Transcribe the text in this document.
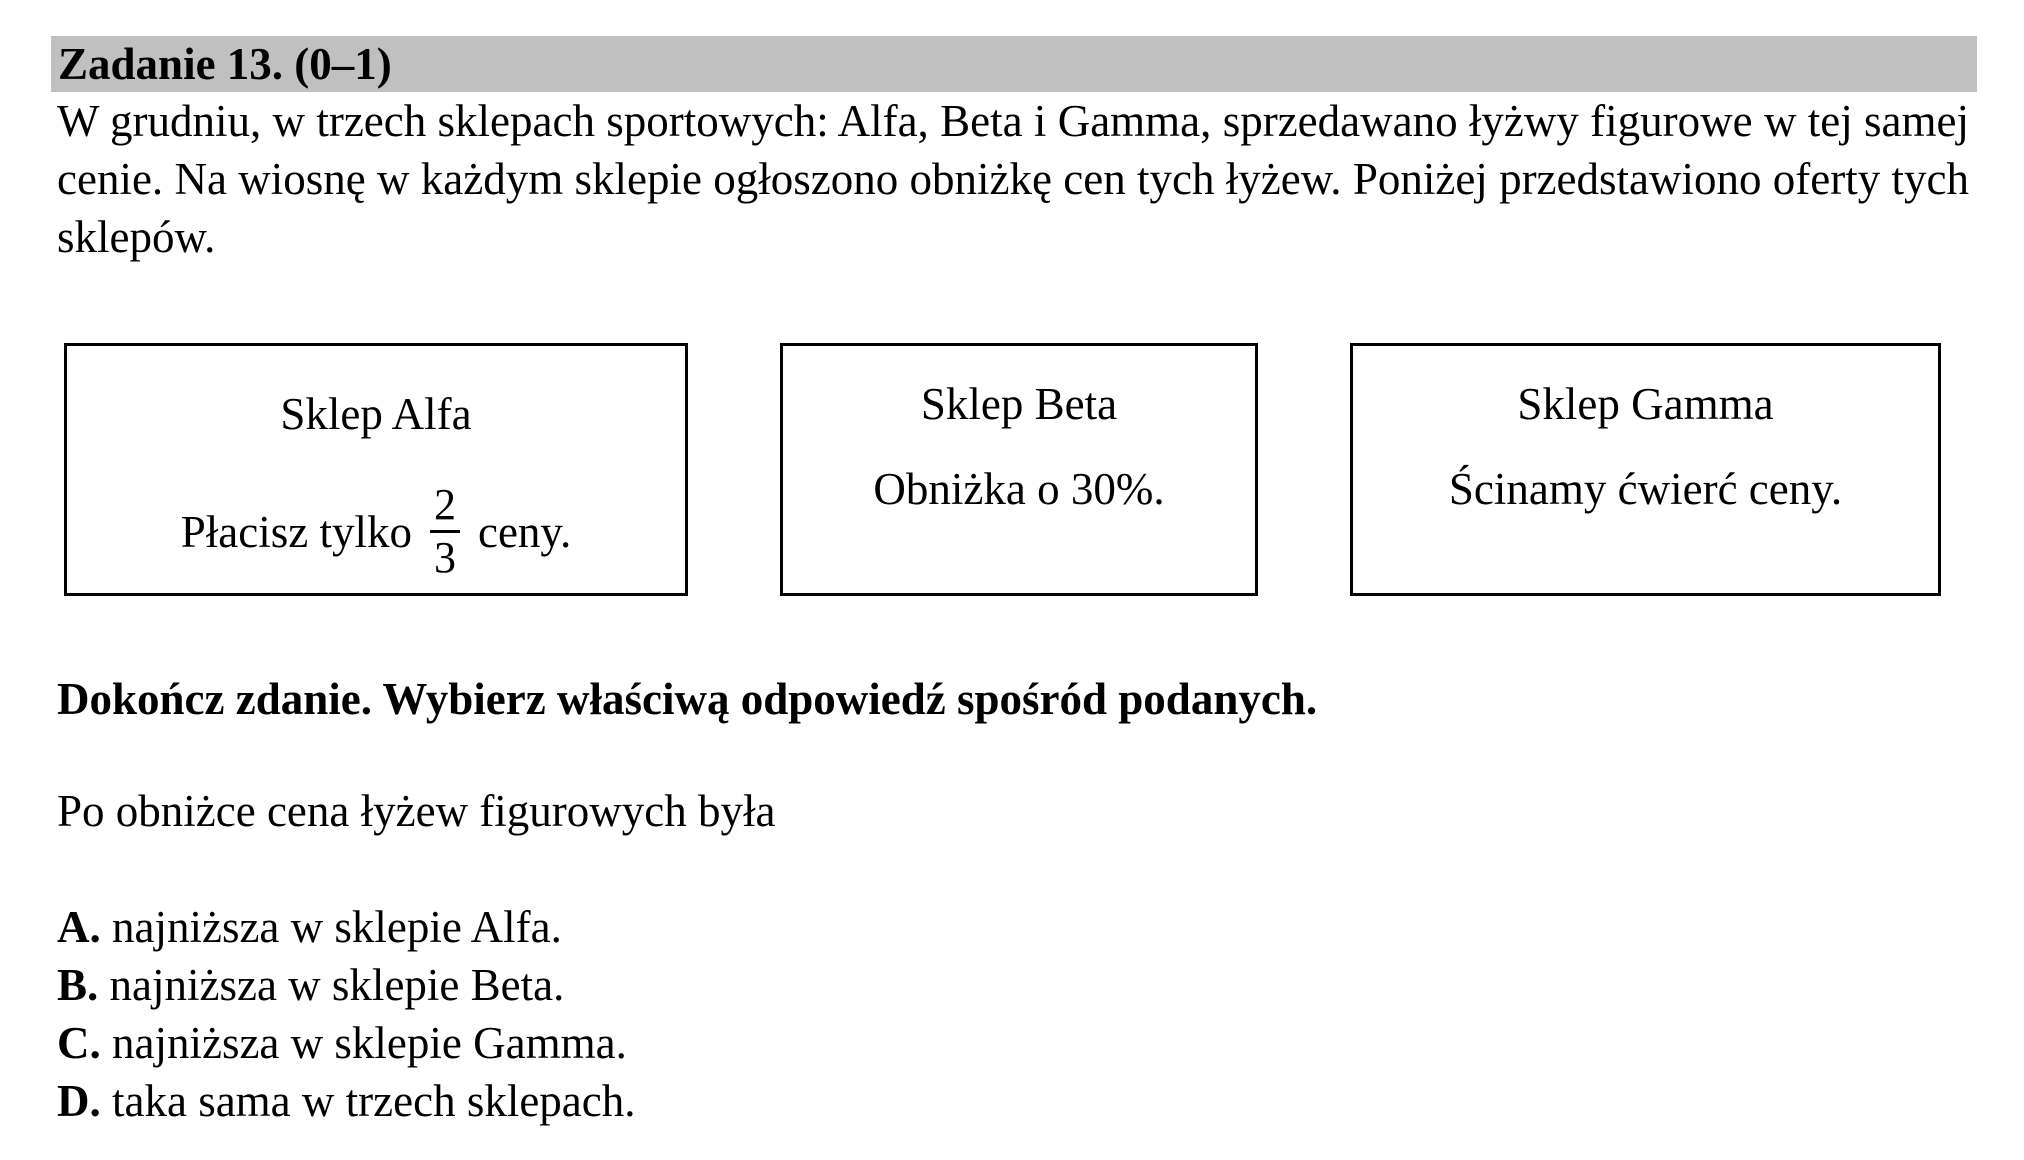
Zadanie 13. (0–1)
W grudniu, w trzech sklepach sportowych: Alfa, Beta i Gamma, sprzedawano łyżwy figurowe w tej samej cenie. Na wiosnę w każdym sklepie ogłoszono obniżkę cen tych łyżew. Poniżej przedstawiono oferty tych sklepów.
Sklep Alfa
Płacisz tylko $\frac{2}{3}$ ceny.
Sklep Beta
Obniżka o 30%.
Sklep Gamma
Ścinamy ćwierć ceny.
Dokończ zdanie. Wybierz właściwą odpowiedź spośród podanych.
Po obniżce cena łyżew figurowych była
A. najniższa w sklepie Alfa.
B. najniższa w sklepie Beta.
C. najniższa w sklepie Gamma.
D. taka sama w trzech sklepach.
